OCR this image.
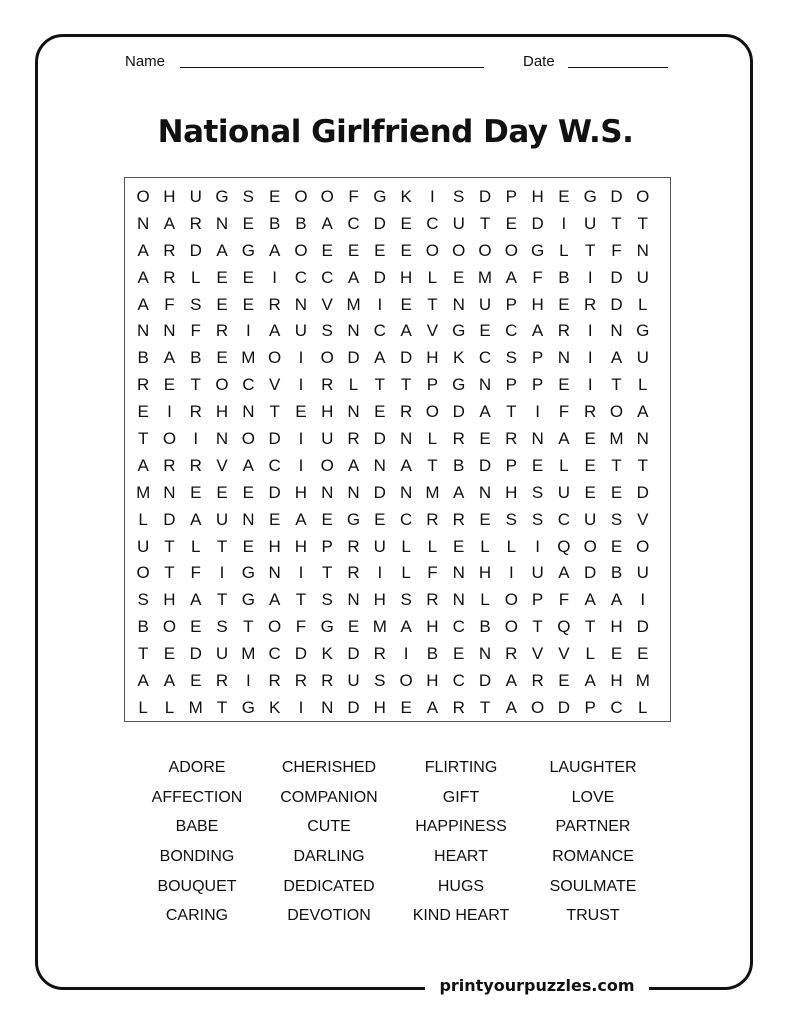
Name	Date
National Girlfriend Day W.S.
O H U G S E O O F G K	I	S D P H E G D O
N A R N E B B A C D E C U T E D	I	U T T
A R D A G A O E E E E O O O O G L T F N
A R L E E	I	C C A D H L E M A F B	I	D U
A F S E E R N V M I	E T N U P H E R D L
N N F R	I	A U S N C A V G E C A R	I	N G
B A B E M O	I	O D A D H K C S P N	I	A U
R E T O C V	I	R L T T P G N P P E	I	T L
E	I	R H N T E H N E R O D A T	I	F R O A
T O	I	N O D	I	U R D N L R E R N A E M N
A R R V A C	I	O A N A T B D P E L E T T
M N E E E D H N N D N M A N H S U E E D
L D A U N E A E G E C R R E S S C U S V
U T L T E H H P R U L L E L L	I	Q O E O
O T F	I	G N	I	T R	I	L F N H	I	U A D B U
S H A T G A T S N H S R N L O P F A A	I
B O E S T O F G E M A H C B O T Q T H D
T E D U M C D K D R	I	B E N R V V L E E
A A E R	I	R R R U S O H C D A R E A H M
L L M T G K	I	N D H E A R T A O D P C L
ADORE	CHERISHED	FLIRTING	LAUGHTER
AFFECTION	COMPANION	GIFT	LOVE
BABE	CUTE	HAPPINESS	PARTNER
BONDING	DARLING	HEART	ROMANCE
BOUQUET	DEDICATED	HUGS	SOULMATE
CARING	DEVOTION	KIND HEART	TRUST
printyourpuzzles.com
